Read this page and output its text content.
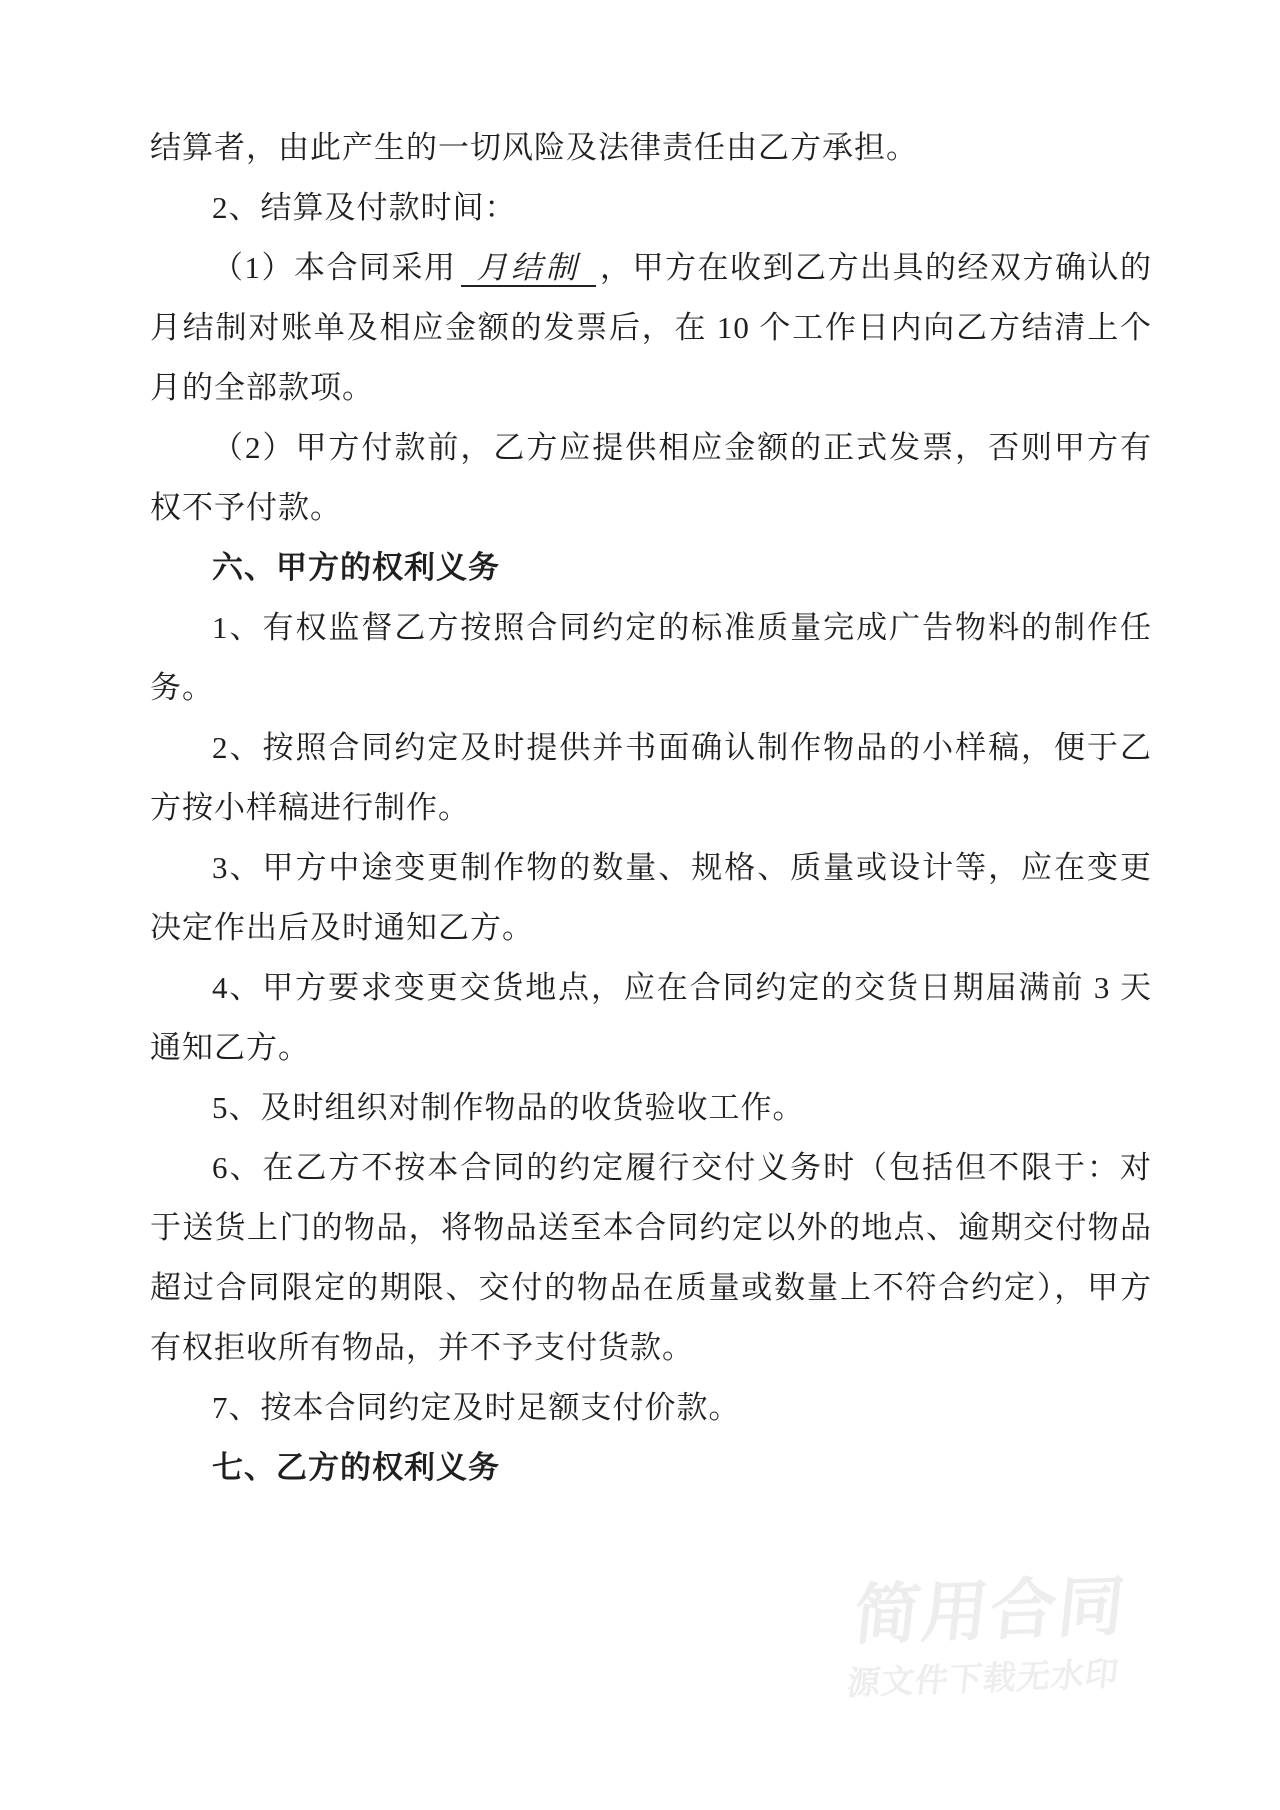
结算者，由此产生的一切风险及法律责任由乙方承担。

2、结算及付款时间：

（1）本合同采用 月结制 ，甲方在收到乙方出具的经双方确认的月结制对账单及相应金额的发票后，在 10 个工作日内向乙方结清上个月的全部款项。

（2）甲方付款前，乙方应提供相应金额的正式发票，否则甲方有权不予付款。

六、甲方的权利义务

1、有权监督乙方按照合同约定的标准质量完成广告物料的制作任务。

2、按照合同约定及时提供并书面确认制作物品的小样稿，便于乙方按小样稿进行制作。

3、甲方中途变更制作物的数量、规格、质量或设计等，应在变更决定作出后及时通知乙方。

4、甲方要求变更交货地点，应在合同约定的交货日期届满前 3 天通知乙方。

5、及时组织对制作物品的收货验收工作。

6、在乙方不按本合同的约定履行交付义务时（包括但不限于：对于送货上门的物品，将物品送至本合同约定以外的地点、逾期交付物品超过合同限定的期限、交付的物品在质量或数量上不符合约定），甲方有权拒收所有物品，并不予支付货款。

7、按本合同约定及时足额支付价款。

七、乙方的权利义务

简用合同
源文件下载无水印
